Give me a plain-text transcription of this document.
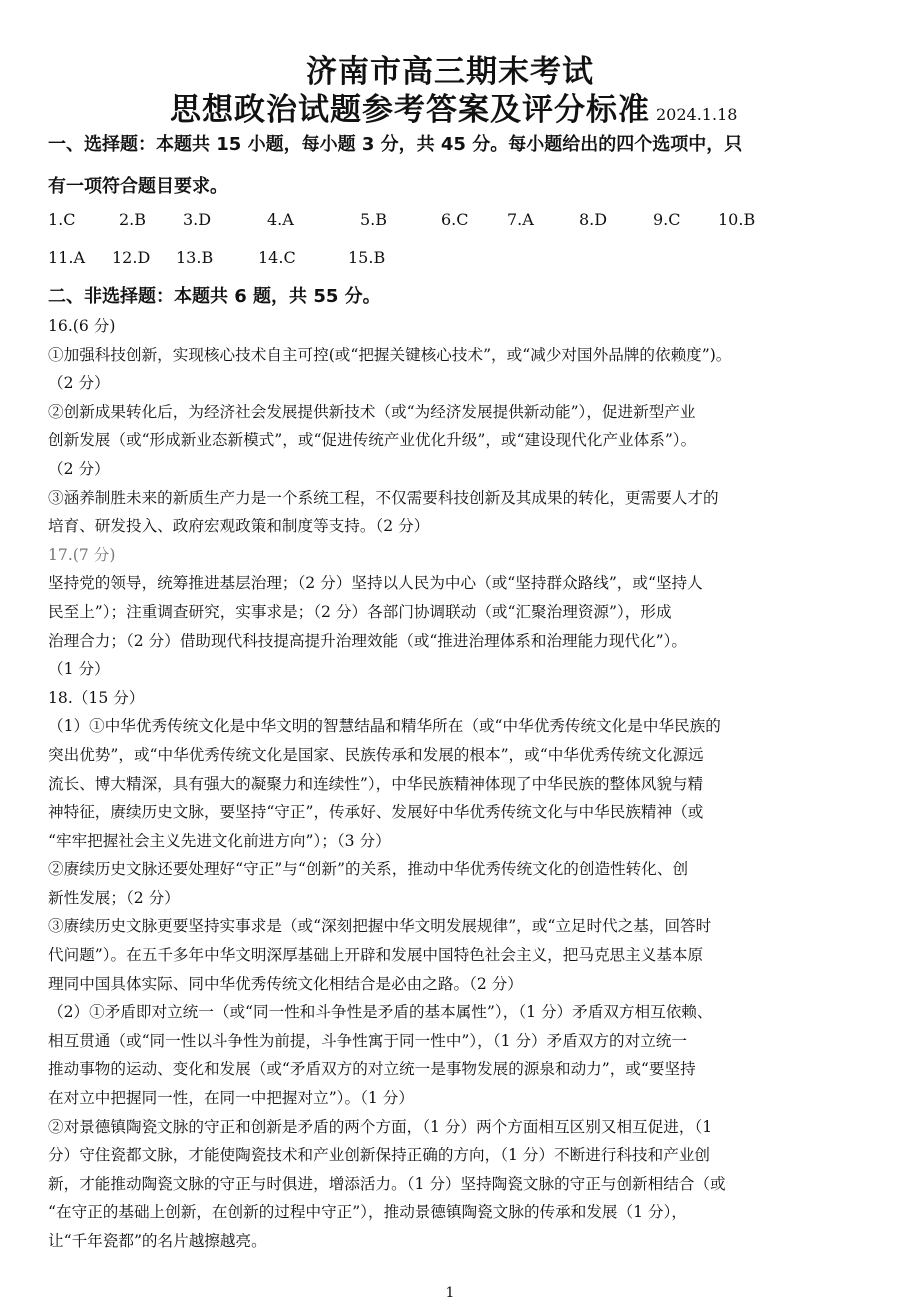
济南市高三期末考试
思想政治试题参考答案及评分标准 2024.1.18
一、选择题：本题共 15 小题，每小题 3 分，共 45 分。每小题给出的四个选项中，只
有一项符合题目要求。
1.C	2.B 3.D	4.A	5.B	6.C 7.A	8.D	9.C 10.B
11.A 12.D 13.B	14.C	15.B
二、非选择题：本题共 6 题，共 55 分。

16.(6 分)

①加强科技创新，实现核心技术自主可控(或“把握关键核心技术”，或“减少对国外品牌的依赖度”)。

（2 分）

②创新成果转化后，为经济社会发展提供新技术（或“为经济发展提供新动能”），促进新型产业

创新发展（或“形成新业态新模式”，或“促进传统产业优化升级”，或“建设现代化产业体系”）。

（2 分）

③涵养制胜未来的新质生产力是一个系统工程，不仅需要科技创新及其成果的转化，更需要人才的

培育、研发投入、政府宏观政策和制度等支持。（2 分）

17.(7 分)

坚持党的领导，统筹推进基层治理；（2 分）坚持以人民为中心（或“坚持群众路线”，或“坚持人

民至上”）；注重调查研究，实事求是；（2 分）各部门协调联动（或“汇聚治理资源”），形成

治理合力；（2 分）借助现代科技提高提升治理效能（或“推进治理体系和治理能力现代化”）。

（1 分）

18.（15 分）

（1）①中华优秀传统文化是中华文明的智慧结晶和精华所在（或“中华优秀传统文化是中华民族的

突出优势”，或“中华优秀传统文化是国家、民族传承和发展的根本”，或“中华优秀传统文化源远

流长、博大精深，具有强大的凝聚力和连续性”），中华民族精神体现了中华民族的整体风貌与精

神特征，赓续历史文脉，要坚持“守正”，传承好、发展好中华优秀传统文化与中华民族精神（或

“牢牢把握社会主义先进文化前进方向”）；（3 分）

②赓续历史文脉还要处理好“守正”与“创新”的关系，推动中华优秀传统文化的创造性转化、创

新性发展；（2 分）

③赓续历史文脉更要坚持实事求是（或“深刻把握中华文明发展规律”，或“立足时代之基，回答时

代问题”）。在五千多年中华文明深厚基础上开辟和发展中国特色社会主义，把马克思主义基本原

理同中国具体实际、同中华优秀传统文化相结合是必由之路。（2 分）

（2）①矛盾即对立统一（或“同一性和斗争性是矛盾的基本属性”），（1 分）矛盾双方相互依赖、

相互贯通（或“同一性以斗争性为前提，斗争性寓于同一性中”），（1 分）矛盾双方的对立统一

推动事物的运动、变化和发展（或“矛盾双方的对立统一是事物发展的源泉和动力”，或“要坚持

在对立中把握同一性，在同一中把握对立”）。（1 分）

②对景德镇陶瓷文脉的守正和创新是矛盾的两个方面，（1 分）两个方面相互区别又相互促进，（1

分）守住瓷都文脉，才能使陶瓷技术和产业创新保持正确的方向，（1 分）不断进行科技和产业创

新，才能推动陶瓷文脉的守正与时俱进，增添活力。（1 分）坚持陶瓷文脉的守正与创新相结合（或

“在守正的基础上创新，在创新的过程中守正”），推动景德镇陶瓷文脉的传承和发展（1 分），

让“千年瓷都”的名片越擦越亮。

1
